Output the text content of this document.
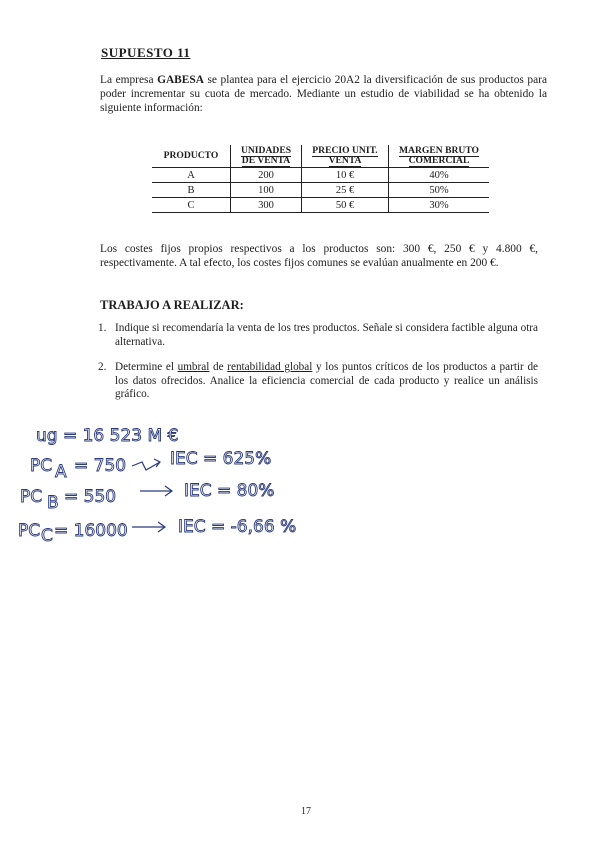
SUPUESTO 11

La empresa GABESA se plantea para el ejercicio 20A2 la diversificación de sus productos para poder incrementar su cuota de mercado. Mediante un estudio de viabilidad se ha obtenido la siguiente información:

PRODUCTO	UNIDADES DE VENTA	PRECIO UNIT. VENTA	MARGEN BRUTO COMERCIAL
A	200	10 €	40%
B	100	25 €	50%
C	300	50 €	30%

Los costes fijos propios respectivos a los productos son: 300 €, 250 € y 4.800 €, respectivamente. A tal efecto, los costes fijos comunes se evalúan anualmente en 200 €.

TRABAJO A REALIZAR:
1. Indique si recomendaría la venta de los tres productos. Señale si considera factible alguna otra alternativa.
2. Determine el umbral de rentabilidad global y los puntos críticos de los productos a partir de los datos ofrecidos. Analice la eficiencia comercial de cada producto y realice un análisis gráfico.
ug = 16 523 M €
PC A = 750	IEC = 625%
PC B = 550	IEC = 80%
PC C = 16000	IEC = -6,66 %
17
